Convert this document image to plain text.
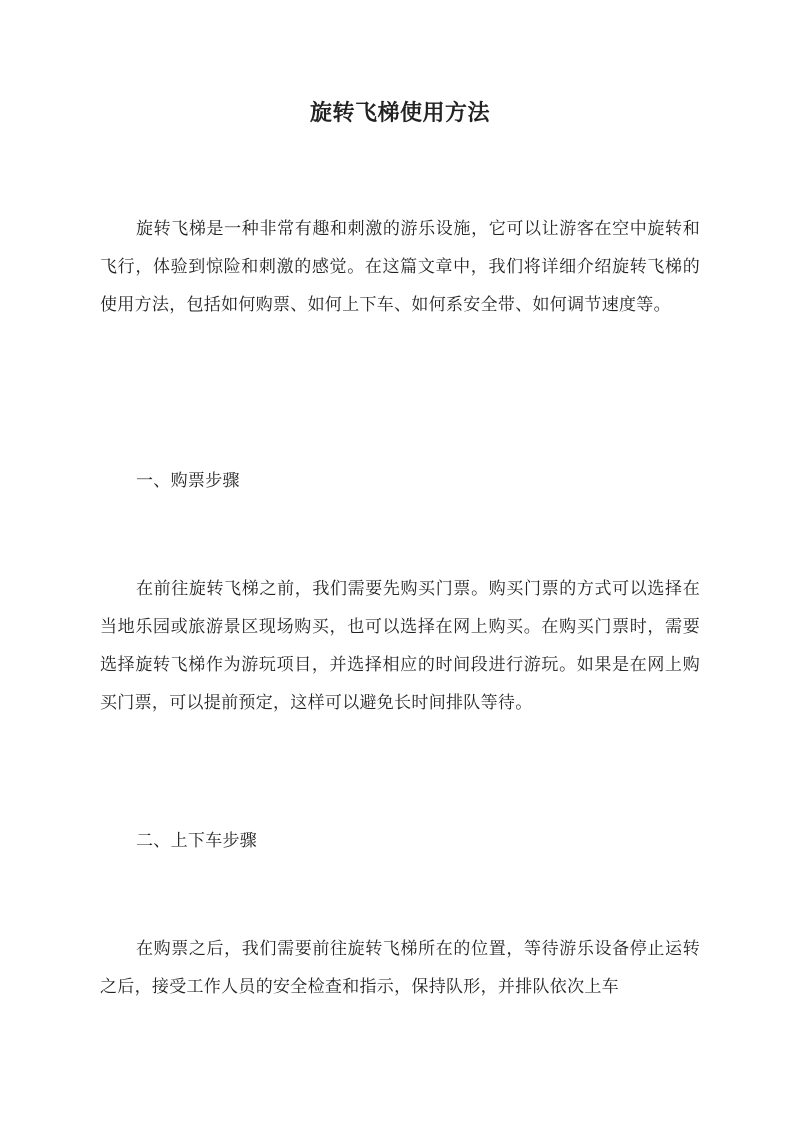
旋转飞梯使用方法

旋转飞梯是一种非常有趣和刺激的游乐设施，它可以让游客在空中旋转和飞行，体验到惊险和刺激的感觉。在这篇文章中，我们将详细介绍旋转飞梯的使用方法，包括如何购票、如何上下车、如何系安全带、如何调节速度等。

一、购票步骤

在前往旋转飞梯之前，我们需要先购买门票。购买门票的方式可以选择在当地乐园或旅游景区现场购买，也可以选择在网上购买。在购买门票时，需要选择旋转飞梯作为游玩项目，并选择相应的时间段进行游玩。如果是在网上购买门票，可以提前预定，这样可以避免长时间排队等待。

二、上下车步骤

在购票之后，我们需要前往旋转飞梯所在的位置，等待游乐设备停止运转之后，接受工作人员的安全检查和指示，保持队形，并排队依次上车
